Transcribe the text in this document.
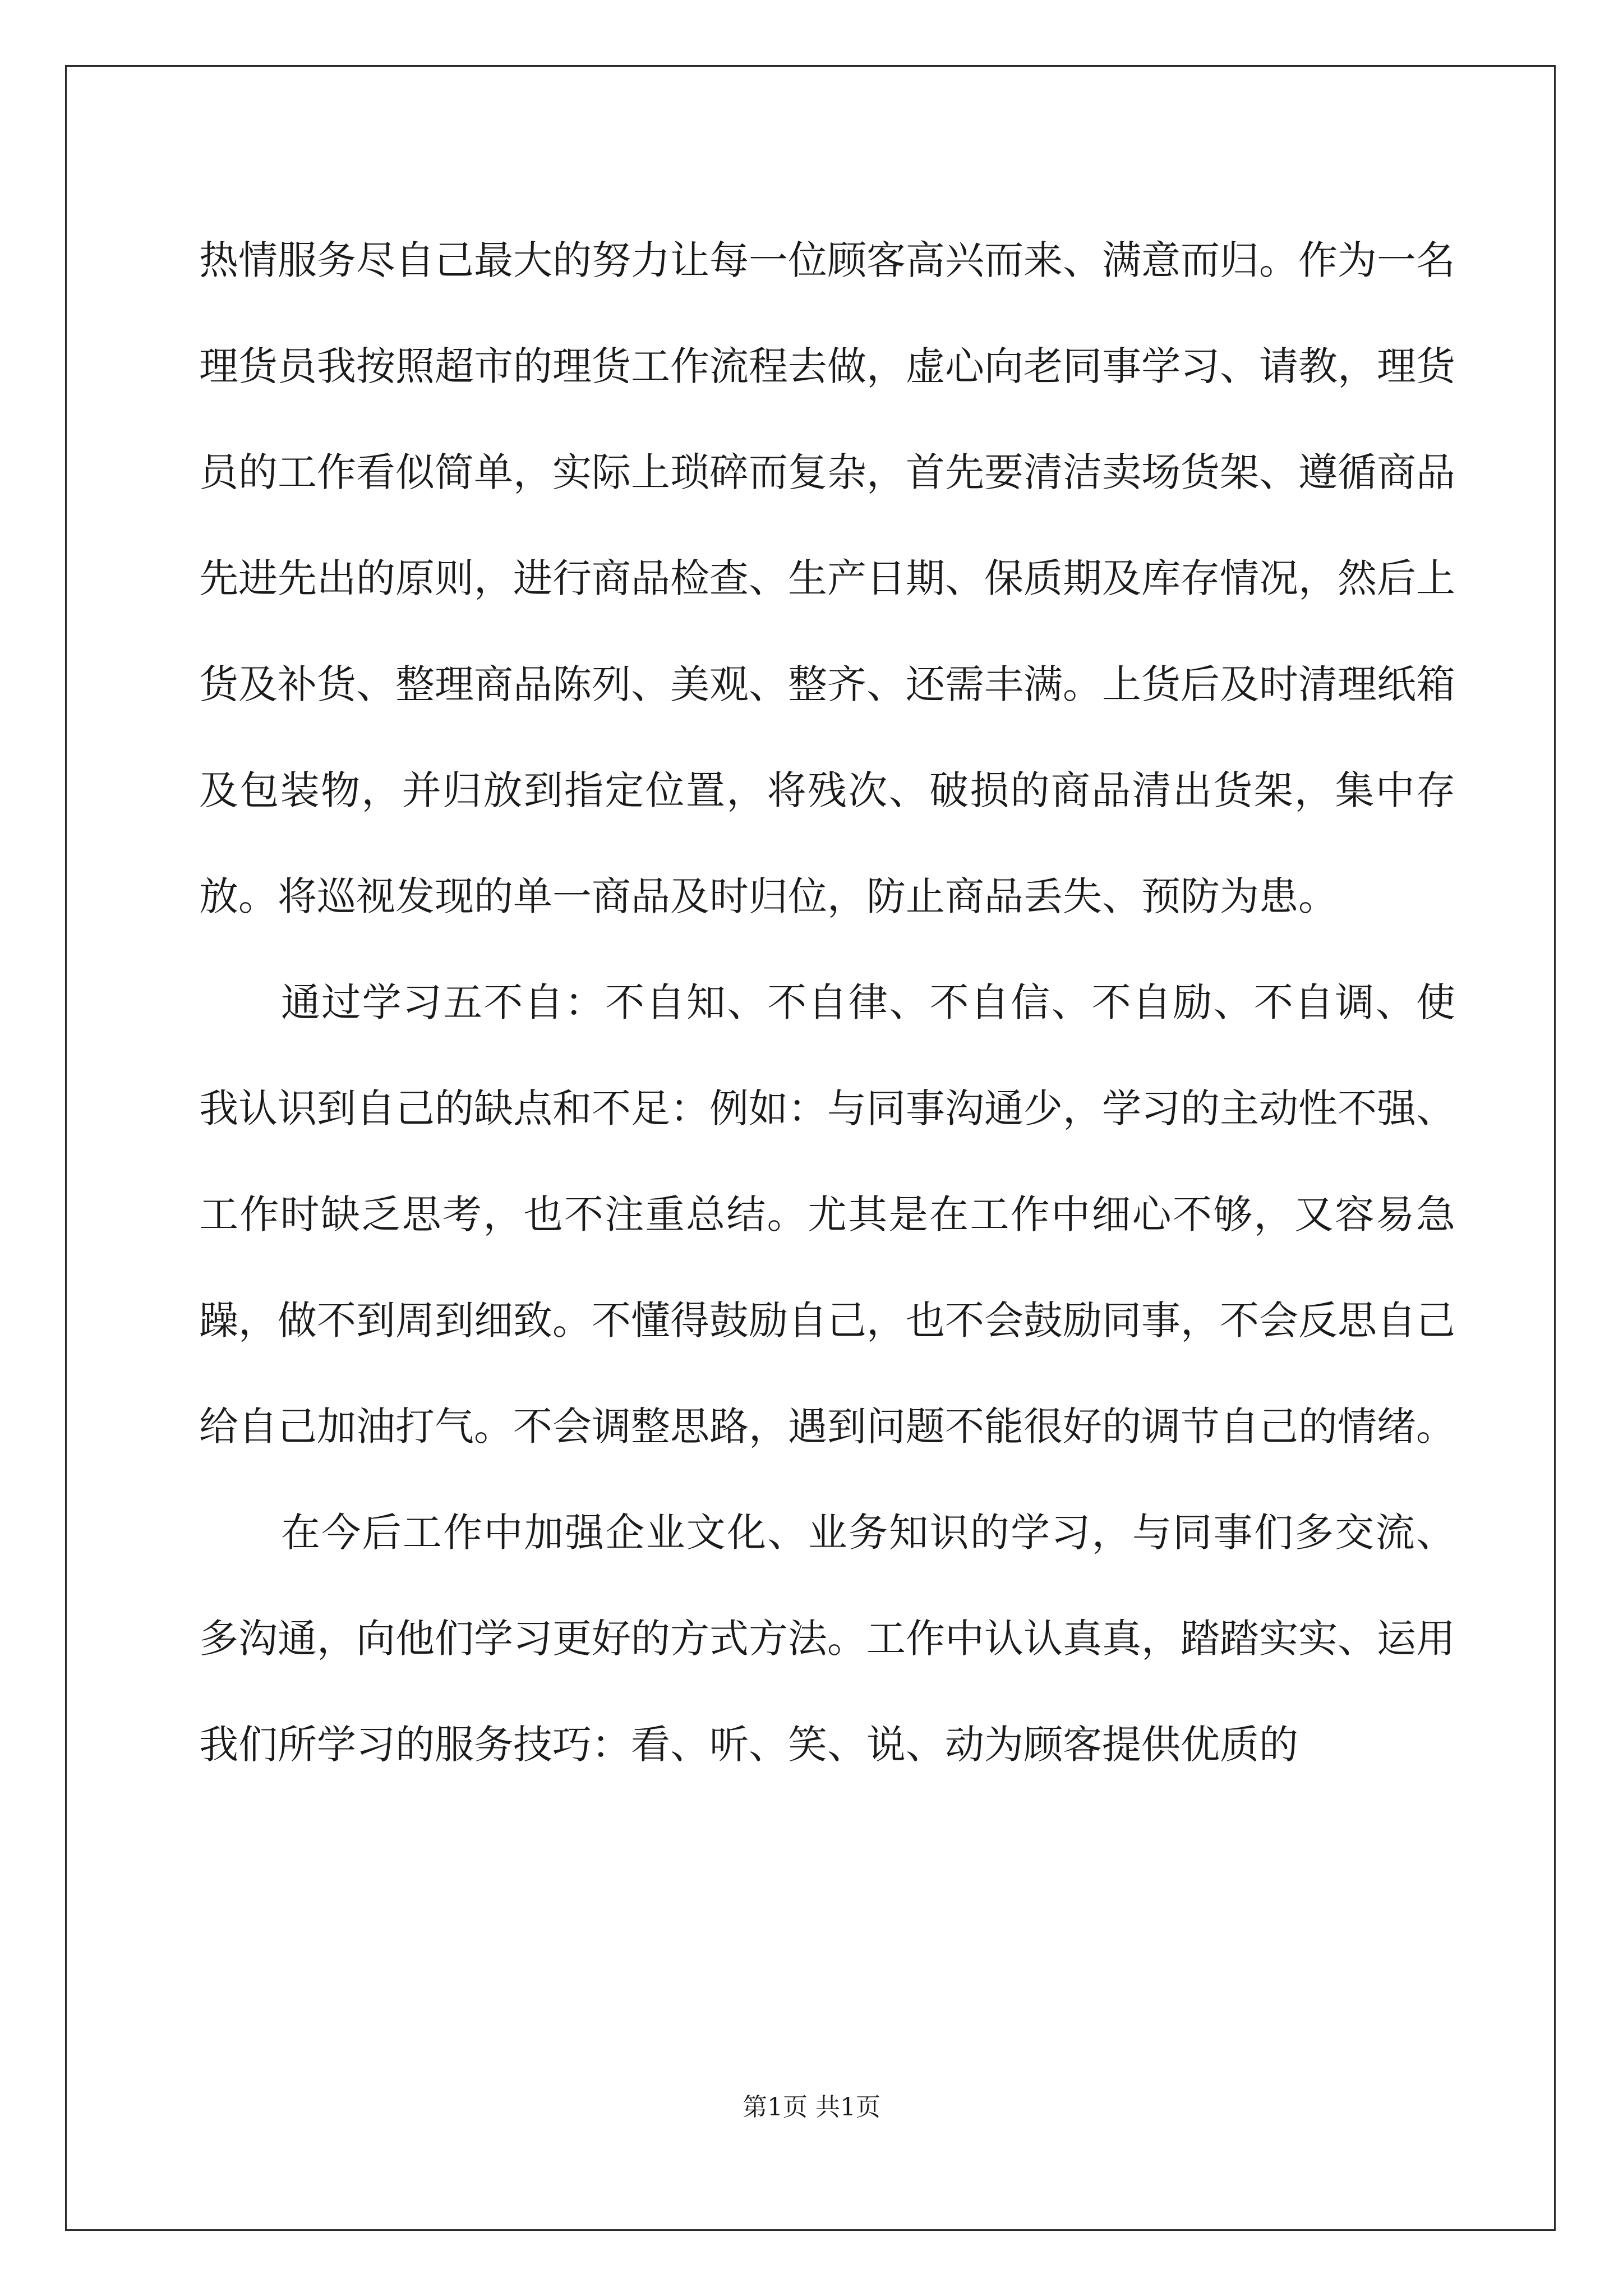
热情服务尽自己最大的努力让每一位顾客高兴而来、满意而归。作为一名理货员我按照超市的理货工作流程去做，虚心向老同事学习、请教，理货员的工作看似简单，实际上琐碎而复杂，首先要清洁卖场货架、遵循商品先进先出的原则，进行商品检查、生产日期、保质期及库存情况，然后上货及补货、整理商品陈列、美观、整齐、还需丰满。上货后及时清理纸箱及包装物，并归放到指定位置，将残次、破损的商品清出货架，集中存放。将巡视发现的单一商品及时归位，防止商品丢失、预防为患。

通过学习五不自：不自知、不自律、不自信、不自励、不自调、使我认识到自己的缺点和不足：例如：与同事沟通少，学习的主动性不强、工作时缺乏思考，也不注重总结。尤其是在工作中细心不够，又容易急躁，做不到周到细致。不懂得鼓励自己，也不会鼓励同事，不会反思自己给自己加油打气。不会调整思路，遇到问题不能很好的调节自己的情绪。

在今后工作中加强企业文化、业务知识的学习，与同事们多交流、多沟通，向他们学习更好的方式方法。工作中认认真真，踏踏实实、运用我们所学习的服务技巧：看、听、笑、说、动为顾客提供优质的

第1页 共1页
